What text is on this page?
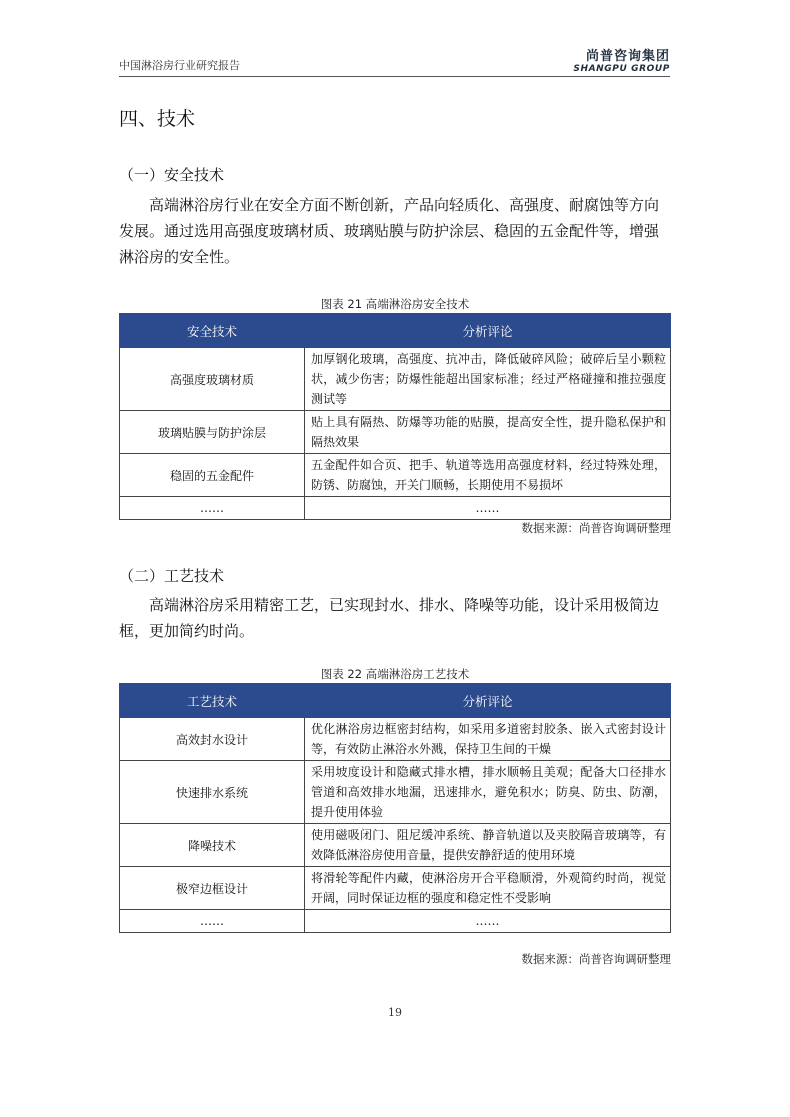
中国淋浴房行业研究报告
尚普咨询集团
SHANGPU GROUP
四、技术
（一）安全技术

高端淋浴房行业在安全方面不断创新，产品向轻质化、高强度、耐腐蚀等方向发展。通过选用高强度玻璃材质、玻璃贴膜与防护涂层、稳固的五金配件等，增强淋浴房的安全性。

图表 21 高端淋浴房安全技术
安全技术	分析评论
高强度玻璃材质	加厚钢化玻璃，高强度、抗冲击，降低破碎风险；破碎后呈小颗粒状，减少伤害；防爆性能超出国家标准；经过严格碰撞和推拉强度测试等
玻璃贴膜与防护涂层	贴上具有隔热、防爆等功能的贴膜，提高安全性，提升隐私保护和隔热效果
稳固的五金配件	五金配件如合页、把手、轨道等选用高强度材料，经过特殊处理，防锈、防腐蚀，开关门顺畅，长期使用不易损坏
……	……
数据来源：尚普咨询调研整理
（二）工艺技术

高端淋浴房采用精密工艺，已实现封水、排水、降噪等功能，设计采用极简边框，更加简约时尚。

图表 22 高端淋浴房工艺技术
工艺技术	分析评论
高效封水设计	优化淋浴房边框密封结构，如采用多道密封胶条、嵌入式密封设计等，有效防止淋浴水外溅，保持卫生间的干燥
快速排水系统	采用坡度设计和隐藏式排水槽，排水顺畅且美观；配备大口径排水管道和高效排水地漏，迅速排水，避免积水；防臭、防虫、防潮，提升使用体验
降噪技术	使用磁吸闭门、阻尼缓冲系统、静音轨道以及夹胶隔音玻璃等，有效降低淋浴房使用音量，提供安静舒适的使用环境
极窄边框设计	将滑轮等配件内藏，使淋浴房开合平稳顺滑，外观简约时尚，视觉开阔，同时保证边框的强度和稳定性不受影响
……	……
数据来源：尚普咨询调研整理
19
